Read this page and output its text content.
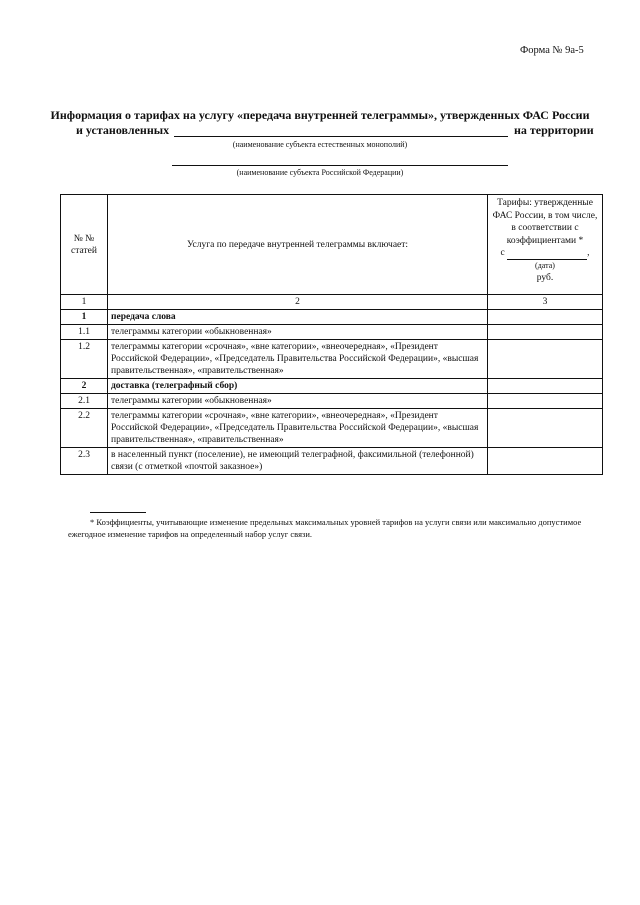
Форма № 9а-5
Информация о тарифах на услугу «передача внутренней телеграммы», утвержденных ФАС России
и установленных	на территории
(наименование субъекта естественных монополий)
(наименование субъекта Российской Федерации)
№ № статей	Услуга по передаче внутренней телеграммы включает:	Тарифы: утвержденные ФАС России, в том числе, в соответствии с коэффициентами *
с ,

(дата)
руб.
1	2	3
1	передача слова	
1.1	телеграммы категории «обыкновенная»	
1.2	телеграммы категории «срочная», «вне категории», «внеочередная», «Президент Российской Федерации», «Председатель Правительства Российской Федерации», «высшая правительственная», «правительственная»	
2	доставка (телеграфный сбор)	
2.1	телеграммы категории «обыкновенная»	
2.2	телеграммы категории «срочная», «вне категории», «внеочередная», «Президент Российской Федерации», «Председатель Правительства Российской Федерации», «высшая правительственная», «правительственная»	
2.3	в населенный пункт (поселение), не имеющий телеграфной, факсимильной (телефонной) связи (с отметкой «почтой заказное»)	
* Коэффициенты, учитывающие изменение предельных максимальных уровней тарифов на услуги связи или максимально допустимое ежегодное изменение тарифов на определенный набор услуг связи.
